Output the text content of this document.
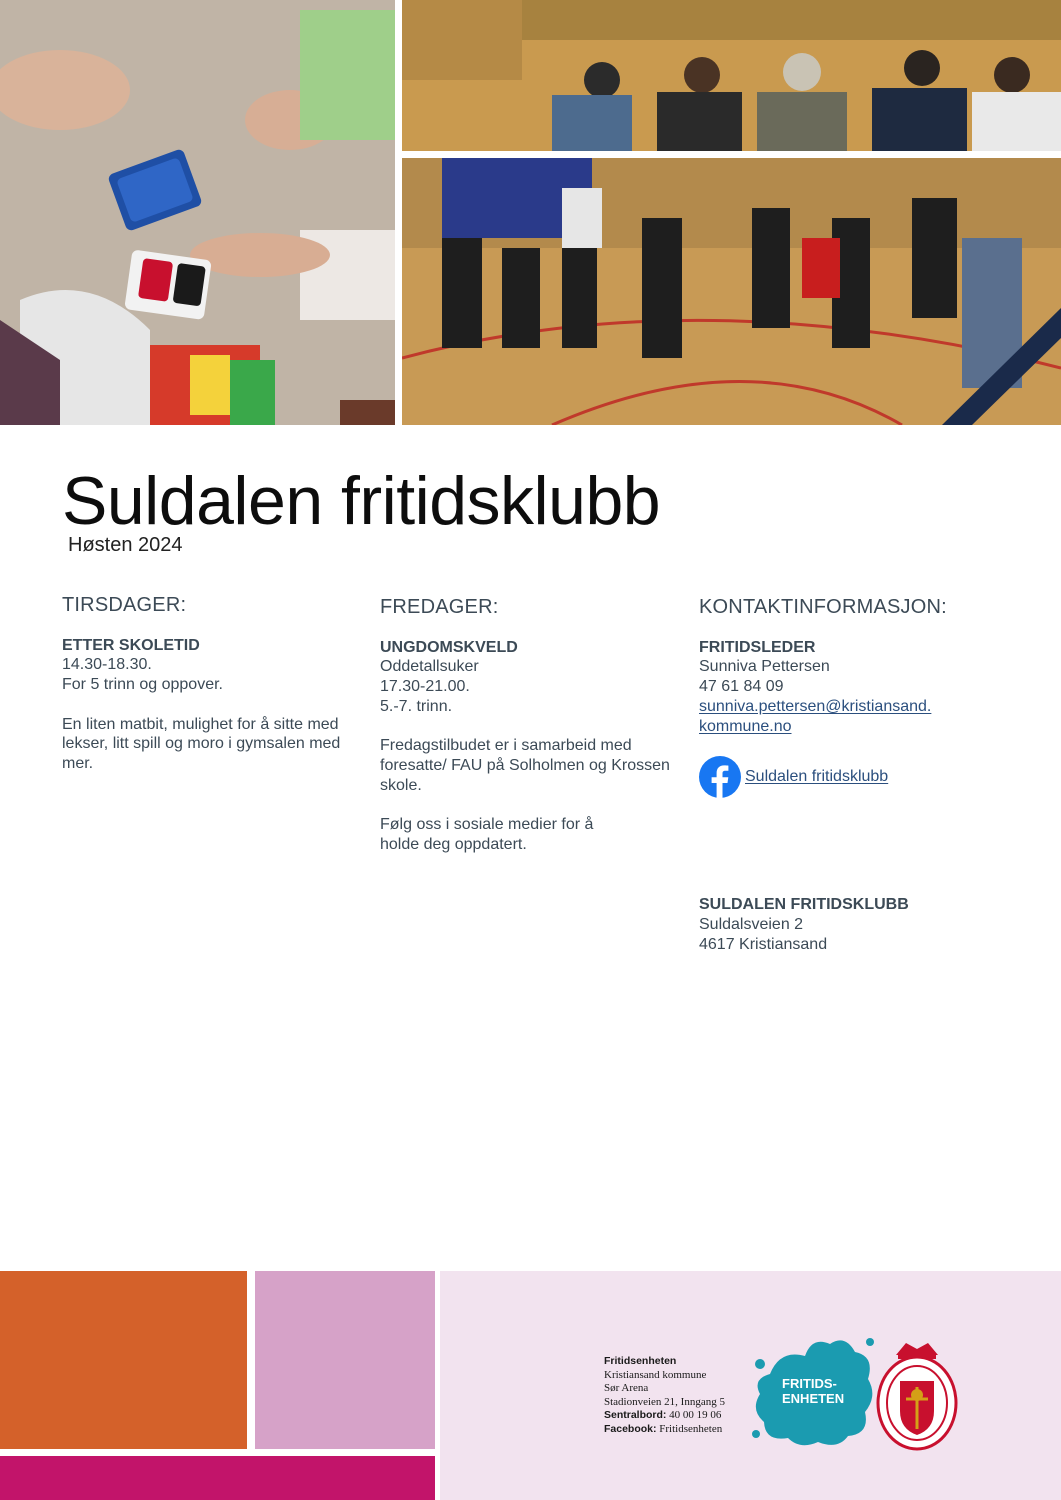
Suldalen fritidsklubb
Høsten 2024
TIRSDAGER:
ETTER SKOLETID
14.30-18.30.
For 5 trinn og oppover.
En liten matbit, mulighet for å sitte med
lekser, litt spill og moro i gymsalen med
mer.
FREDAGER:
UNGDOMSKVELD
Oddetallsuker
17.30-21.00.
5.-7. trinn.
Fredagstilbudet er i samarbeid med
foresatte/ FAU på Solholmen og Krossen
skole.
Følg oss i sosiale medier for å
holde deg oppdatert.
KONTAKTINFORMASJON:
FRITIDSLEDER
Sunniva Pettersen
47 61 84 09
sunniva.pettersen@kristiansand.
kommune.no
Suldalen fritidsklubb
SULDALEN FRITIDSKLUBB
Suldalsveien 2
4617 Kristiansand
Fritidsenheten
Kristiansand kommune
Sør Arena
Stadionveien 21, Inngang 5
Sentralbord: 40 00 19 06
Facebook: Fritidsenheten
FRITIDS-
ENHETEN
